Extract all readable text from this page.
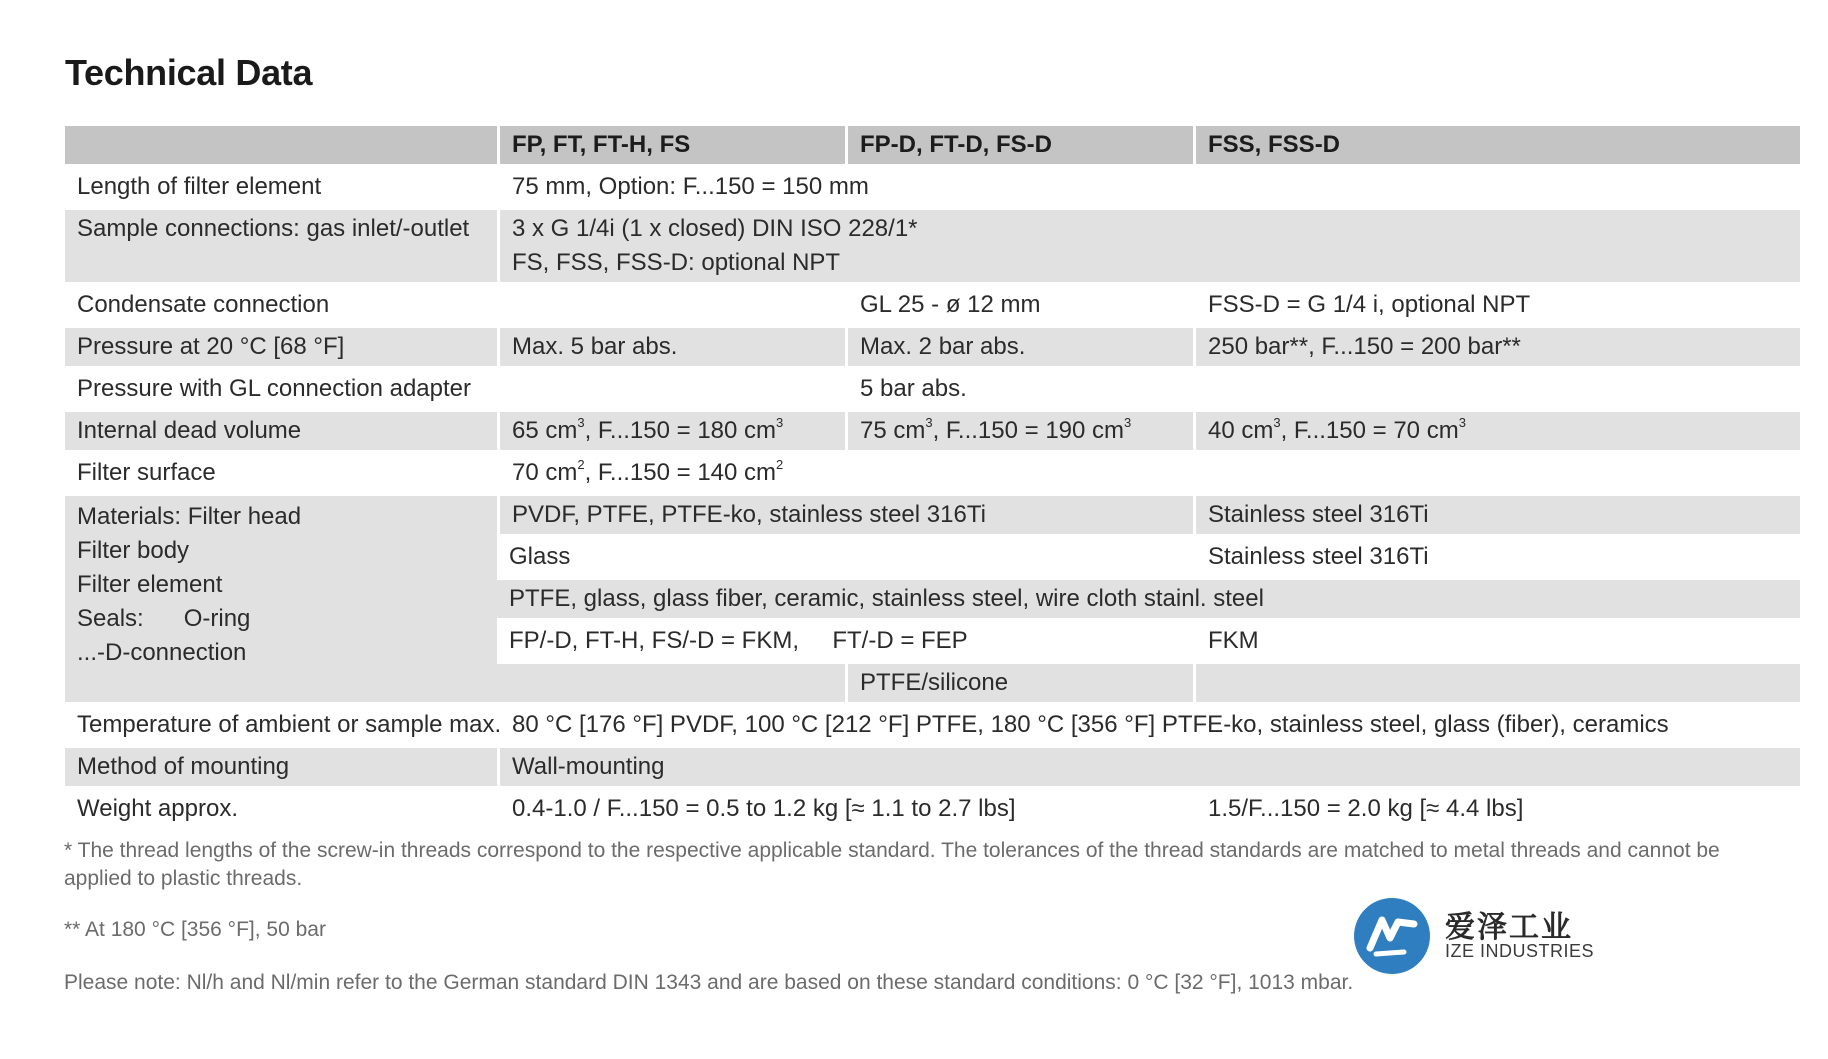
Technical Data
	FP, FT, FT-H, FS	FP-D, FT-D, FS-D	FSS, FSS-D
Length of filter element	75 mm, Option: F...150 = 150 mm		
Sample connections: gas inlet/-outlet	3 x G 1/4i (1 x closed) DIN ISO 228/1*
FS, FSS, FSS-D: optional NPT		

Condensate connection		GL 25 - ø 12 mm	FSS-D = G 1/4 i, optional NPT
Pressure at 20 °C [68 °F]	Max. 5 bar abs.	Max. 2 bar abs.	250 bar**, F...150 = 200 bar**
Pressure with GL connection adapter		5 bar abs.	
Internal dead volume	65 $cm^3$, F...150 = 180 $cm^3$	75 $cm^3$, F...150 = 190 $cm^3$	40 $cm^3$, F...150 = 70 $cm^3$
Filter surface	70 $cm^2$, F...150 = 140 $cm^2$

Materials: Filter head
Filter body
Filter element
Seals: O-ring
...-D-connection	PVDF, PTFE, PTFE-ko, stainless steel 316Ti		Stainless steel 316Ti
	Glass		Stainless steel 316Ti
	PTFE, glass, glass fiber, ceramic, stainless steel, wire cloth stainl. steel		
	FP/-D, FT-H, FS/-D = FKM,     FT/-D = FEP		FKM
		PTFE/silicone	
Temperature of ambient or sample max.	80 °C [176 °F] PVDF, 100 °C [212 °F] PTFE, 180 °C [356 °F] PTFE-ko, stainless steel, glass (fiber), ceramics		
Method of mounting	Wall-mounting		
Weight approx.	0.4-1.0 / F...150 = 0.5 to 1.2 kg [≈ 1.1 to 2.7 lbs]		1.5/F...150 = 2.0 kg [≈ 4.4 lbs]

* The thread lengths of the screw-in threads correspond to the respective applicable standard. The tolerances of the thread standards are matched to metal threads and cannot be applied to plastic threads.

** At 180 °C [356 °F], 50 bar
Please note: Nl/h and Nl/min refer to the German standard DIN 1343 and are based on these standard conditions: 0 °C [32 °F], 1013 mbar.
爱泽工业
IZE INDUSTRIES
